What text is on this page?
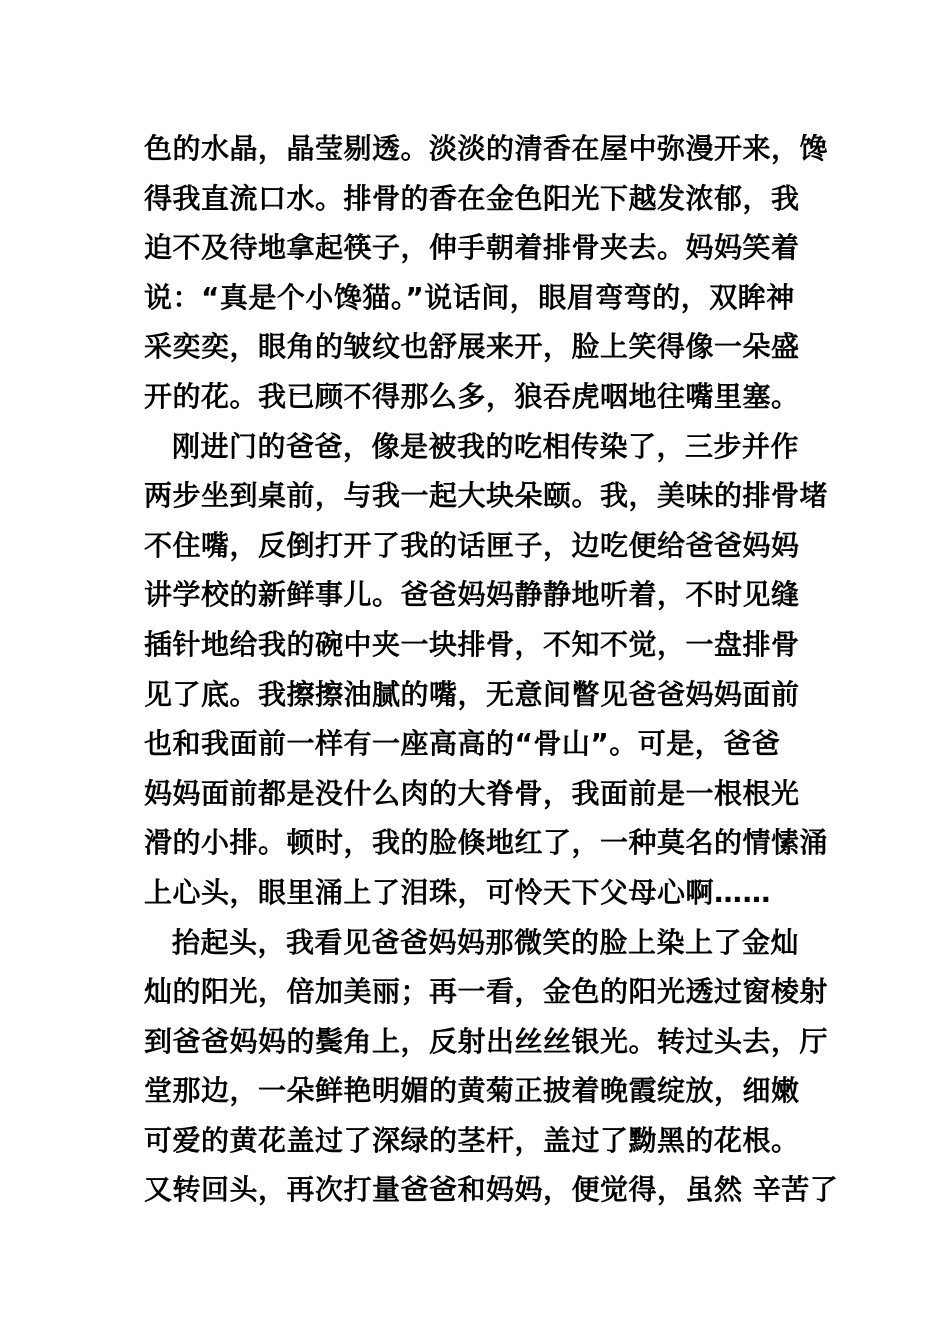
色的水晶，晶莹剔透。淡淡的清香在屋中弥漫开来，馋
得我直流口水。排骨的香在金色阳光下越发浓郁，我
迫不及待地拿起筷子，伸手朝着排骨夹去。妈妈笑着
说：“真是个小馋猫。”说话间，眼眉弯弯的，双眸神
采奕奕，眼角的皱纹也舒展来开，脸上笑得像一朵盛
开的花。我已顾不得那么多，狼吞虎咽地往嘴里塞。
刚进门的爸爸，像是被我的吃相传染了，三步并作
两步坐到桌前，与我一起大块朵颐。我，美味的排骨堵
不住嘴，反倒打开了我的话匣子，边吃便给爸爸妈妈
讲学校的新鲜事儿。爸爸妈妈静静地听着，不时见缝
插针地给我的碗中夹一块排骨，不知不觉，一盘排骨
见了底。我擦擦油腻的嘴，无意间瞥见爸爸妈妈面前
也和我面前一样有一座高高的“骨山”。可是，爸爸
妈妈面前都是没什么肉的大脊骨，我面前是一根根光
滑的小排。顿时，我的脸倏地红了，一种莫名的情愫涌
上心头，眼里涌上了泪珠，可怜天下父母心啊……
抬起头，我看见爸爸妈妈那微笑的脸上染上了金灿
灿的阳光，倍加美丽；再一看，金色的阳光透过窗棱射
到爸爸妈妈的鬓角上，反射出丝丝银光。转过头去，厅
堂那边，一朵鲜艳明媚的黄菊正披着晚霞绽放，细嫩
可爱的黄花盖过了深绿的茎杆，盖过了黝黑的花根。
又转回头，再次打量爸爸和妈妈，便觉得，虽然 辛苦了
